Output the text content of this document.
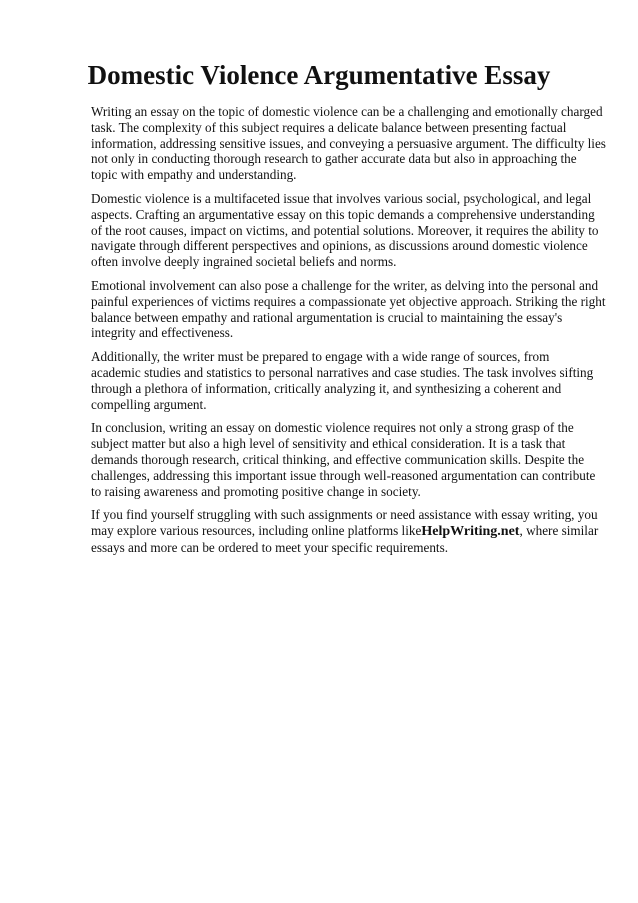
Domestic Violence Argumentative Essay

Writing an essay on the topic of domestic violence can be a challenging and emotionally charged
task. The complexity of this subject requires a delicate balance between presenting factual
information, addressing sensitive issues, and conveying a persuasive argument. The difficulty lies
not only in conducting thorough research to gather accurate data but also in approaching the
topic with empathy and understanding.

Domestic violence is a multifaceted issue that involves various social, psychological, and legal
aspects. Crafting an argumentative essay on this topic demands a comprehensive understanding
of the root causes, impact on victims, and potential solutions. Moreover, it requires the ability to
navigate through different perspectives and opinions, as discussions around domestic violence
often involve deeply ingrained societal beliefs and norms.

Emotional involvement can also pose a challenge for the writer, as delving into the personal and
painful experiences of victims requires a compassionate yet objective approach. Striking the right
balance between empathy and rational argumentation is crucial to maintaining the essay's
integrity and effectiveness.

Additionally, the writer must be prepared to engage with a wide range of sources, from
academic studies and statistics to personal narratives and case studies. The task involves sifting
through a plethora of information, critically analyzing it, and synthesizing a coherent and
compelling argument.

In conclusion, writing an essay on domestic violence requires not only a strong grasp of the
subject matter but also a high level of sensitivity and ethical consideration. It is a task that
demands thorough research, critical thinking, and effective communication skills. Despite the
challenges, addressing this important issue through well-reasoned argumentation can contribute
to raising awareness and promoting positive change in society.

If you find yourself struggling with such assignments or need assistance with essay writing, you
may explore various resources, including online platforms likeHelpWriting.net, where similar
essays and more can be ordered to meet your specific requirements.
